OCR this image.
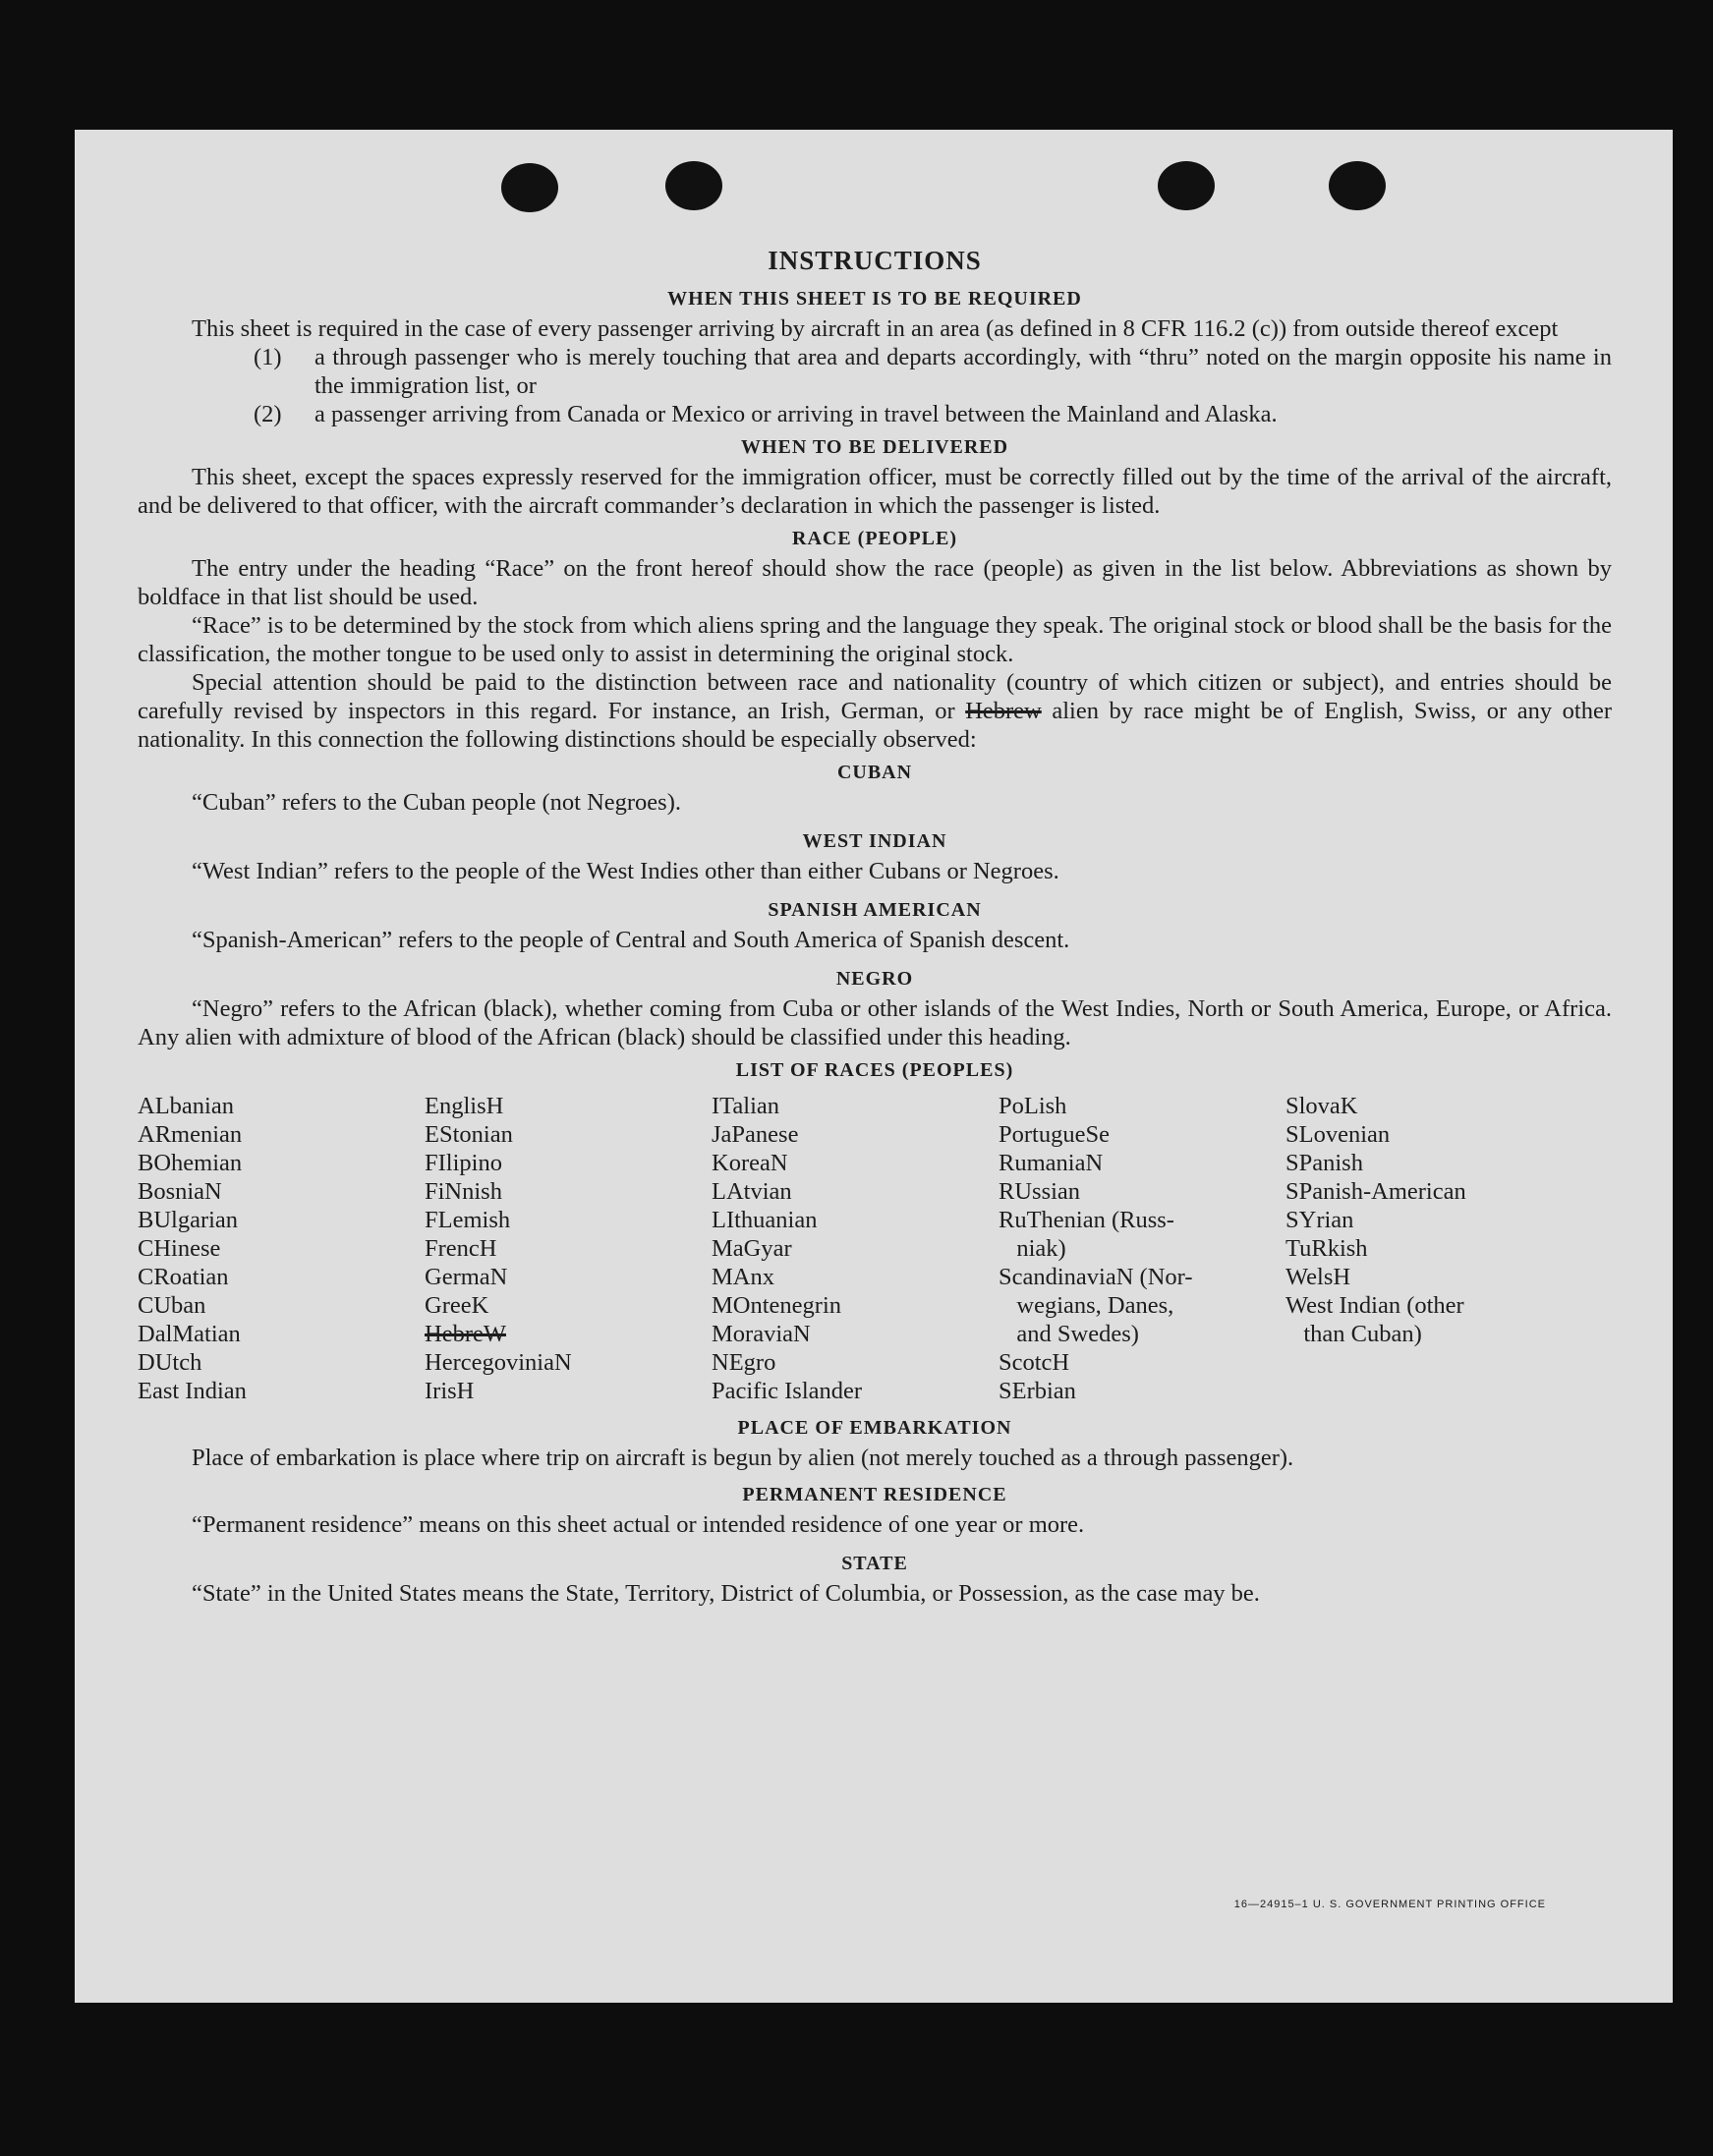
INSTRUCTIONS
WHEN THIS SHEET IS TO BE REQUIRED

This sheet is required in the case of every passenger arriving by aircraft in an area (as defined in 8 CFR 116.2 (c)) from outside thereof except

(1)	a through passenger who is merely touching that area and departs accordingly, with “thru” noted on the margin opposite his name in the immigration list, or
(2)	a passenger arriving from Canada or Mexico or arriving in travel between the Mainland and Alaska.
WHEN TO BE DELIVERED

This sheet, except the spaces expressly reserved for the immigration officer, must be correctly filled out by the time of the arrival of the aircraft, and be delivered to that officer, with the aircraft commander’s declaration in which the passenger is listed.

RACE (PEOPLE)

The entry under the heading “Race” on the front hereof should show the race (people) as given in the list below. Abbreviations as shown by boldface in that list should be used.

“Race” is to be determined by the stock from which aliens spring and the language they speak. The original stock or blood shall be the basis for the classification, the mother tongue to be used only to assist in determining the original stock.

Special attention should be paid to the distinction between race and nationality (country of which citizen or subject), and entries should be carefully revised by inspectors in this regard. For instance, an Irish, German, or Hebrew alien by race might be of English, Swiss, or any other nationality. In this connection the following distinctions should be especially observed:

CUBAN
“Cuban” refers to the Cuban people (not Negroes).
WEST INDIAN
“West Indian” refers to the people of the West Indies other than either Cubans or Negroes.
SPANISH AMERICAN
“Spanish-American” refers to the people of Central and South America of Spanish descent.
NEGRO

“Negro” refers to the African (black), whether coming from Cuba or other islands of the West Indies, North or South America, Europe, or Africa. Any alien with admixture of blood of the African (black) should be classified under this heading.

LIST OF RACES (PEOPLES)
ALbanian
ARmenian
BOhemian
BosniaN
BUlgarian
CHinese
CRoatian
CUban
DalMatian
DUtch
East Indian
EnglisH
EStonian
FIlipino
FiNnish
FLemish
FrencH
GermaN
GreeK
HebreW
HercegoviniaN
IrisH
ITalian
JaPanese
KoreaN
LAtvian
LIthuanian
MaGyar
MAnx
MOntenegrin
MoraviaN
NEgro
Pacific Islander
PoLish
PortugueSe
RumaniaN
RUssian
RuThenian (Russ-
niak)
ScandinaviaN (Nor-
wegians, Danes,
and Swedes)
ScotcH
SErbian
SlovaK
SLovenian
SPanish
SPanish-American
SYrian
TuRkish
WelsH
West Indian (other
than Cuban)
PLACE OF EMBARKATION

Place of embarkation is place where trip on aircraft is begun by alien (not merely touched as a through passenger).

PERMANENT RESIDENCE
“Permanent residence” means on this sheet actual or intended residence of one year or more.
STATE

“State” in the United States means the State, Territory, District of Columbia, or Possession, as the case may be.

16—24915–1 U. S. GOVERNMENT PRINTING OFFICE
